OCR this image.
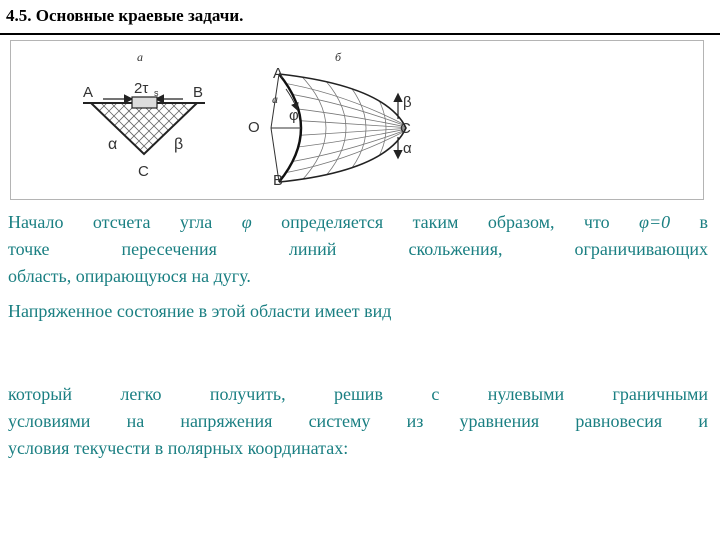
4.5. Основные краевые задачи.
а
A	B
C
2τ s
α	β
б
A
B
C
O
a
φ
β
α
Начало отсчета угла φ определяется таким образом, что φ=0 в
точке пересечения линий скольжения, ограничивающих
область, опирающуюся на дугу.
Напряженное состояние в этой области имеет вид
который легко получить, решив с нулевыми граничными
условиями на напряжения систему из уравнения равновесия и
условия текучести в полярных координатах:
